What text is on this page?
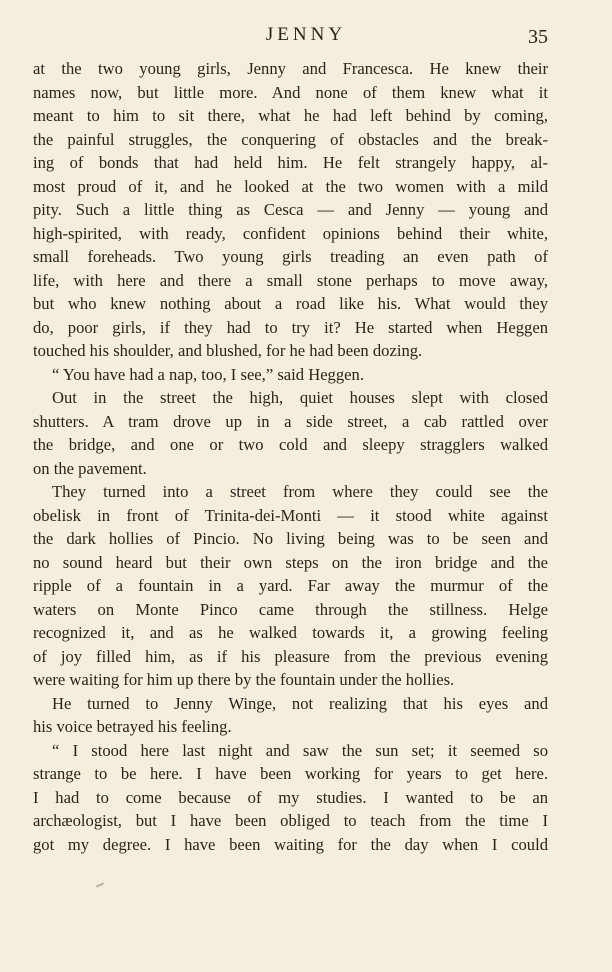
JENNY	35
at the two young girls, Jenny and Francesca. He knew their
names now, but little more. And none of them knew what it
meant to him to sit there, what he had left behind by coming,
the painful struggles, the conquering of obstacles and the break-
ing of bonds that had held him. He felt strangely happy, al-
most proud of it, and he looked at the two women with a mild
pity. Such a little thing as Cesca — and Jenny — young and
high-spirited, with ready, confident opinions behind their white,
small foreheads. Two young girls treading an even path of
life, with here and there a small stone perhaps to move away,
but who knew nothing about a road like his. What would they
do, poor girls, if they had to try it? He started when Heggen
touched his shoulder, and blushed, for he had been dozing.
“ You have had a nap, too, I see,” said Heggen.
Out in the street the high, quiet houses slept with closed
shutters. A tram drove up in a side street, a cab rattled over
the bridge, and one or two cold and sleepy stragglers walked
on the pavement.
They turned into a street from where they could see the
obelisk in front of Trinita-dei-Monti — it stood white against
the dark hollies of Pincio. No living being was to be seen and
no sound heard but their own steps on the iron bridge and the
ripple of a fountain in a yard. Far away the murmur of the
waters on Monte Pinco came through the stillness. Helge
recognized it, and as he walked towards it, a growing feeling
of joy filled him, as if his pleasure from the previous evening
were waiting for him up there by the fountain under the hollies.
He turned to Jenny Winge, not realizing that his eyes and
his voice betrayed his feeling.
“ I stood here last night and saw the sun set; it seemed so
strange to be here. I have been working for years to get here.
I had to come because of my studies. I wanted to be an
archæologist, but I have been obliged to teach from the time I
got my degree. I have been waiting for the day when I could
